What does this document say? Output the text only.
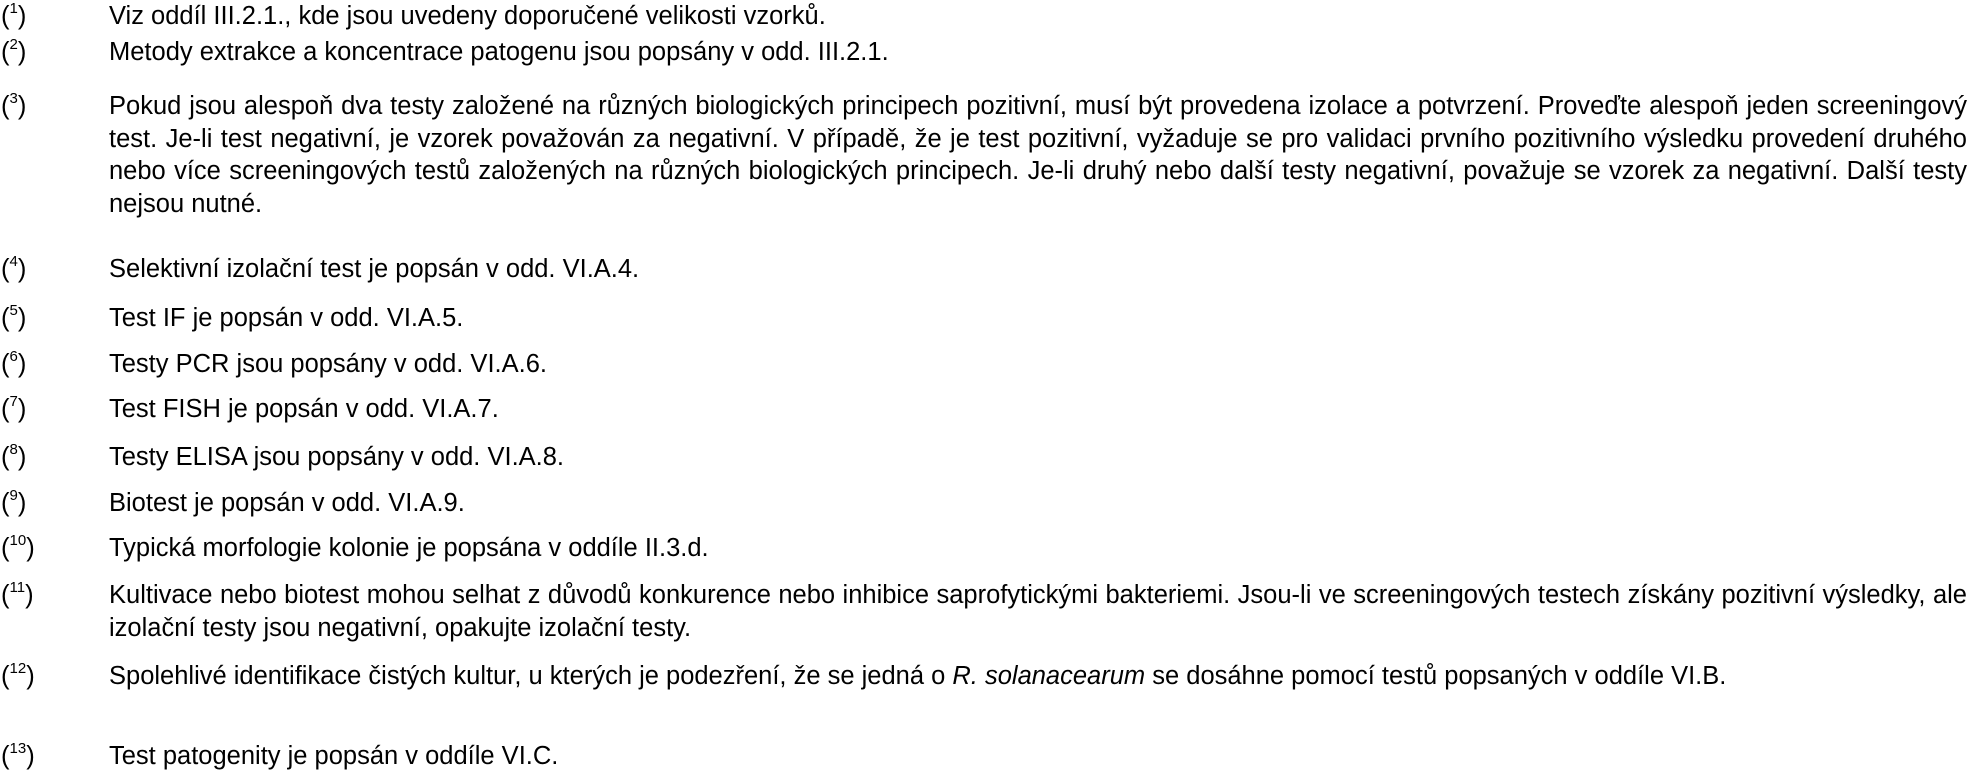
($^1$)	Viz oddíl III.2.1., kde jsou uvedeny doporučené velikosti vzorků.
($^2$)	Metody extrakce a koncentrace patogenu jsou popsány v odd. III.2.1.
($^3$)	Pokud jsou alespoň dva testy založené na různých biologických principech pozitivní, musí být provedena izolace a potvrzení. Proveďte alespoň jeden screeningový test. Je-li test negativní, je vzorek považován za negativní. V případě, že je test pozitivní, vyžaduje se pro validaci prvního pozitivního výsledku provedení druhého nebo více screeningových testů založených na různých biologických principech. Je-li druhý nebo další testy negativní, považuje se vzorek za negativní. Další testy nejsou nutné.
($^4$)	Selektivní izolační test je popsán v odd. VI.A.4.
($^5$)	Test IF je popsán v odd. VI.A.5.
($^6$)	Testy PCR jsou popsány v odd. VI.A.6.
($^7$)	Test FISH je popsán v odd. VI.A.7.
($^8$)	Testy ELISA jsou popsány v odd. VI.A.8.
($^9$)	Biotest je popsán v odd. VI.A.9.
($^{10}$)	Typická morfologie kolonie je popsána v oddíle II.3.d.
($^{11}$)	Kultivace nebo biotest mohou selhat z důvodů konkurence nebo inhibice saprofytickými bakteriemi. Jsou-li ve screeningových testech získány pozitivní výsledky, ale izolační testy jsou negativní, opakujte izolační testy.
($^{12}$)	Spolehlivé identifikace čistých kultur, u kterých je podezření, že se jedná o R. solanacearum se dosáhne pomocí testů popsaných v oddíle VI.B.
($^{13}$)	Test patogenity je popsán v oddíle VI.C.
